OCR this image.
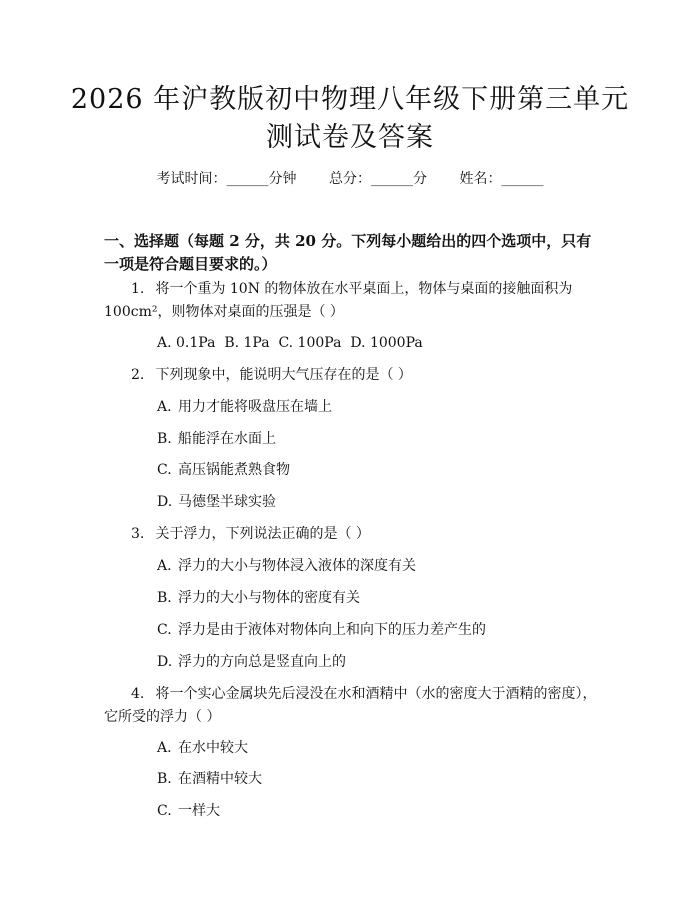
2026 年沪教版初中物理八年级下册第三单元
测试卷及答案
考试时间：______分钟 总分：______分 姓名：______
一、选择题（每题 2 分，共 20 分。下列每小题给出的四个选项中，只有一项是符合题目要求的。）
1. 将一个重为 10N 的物体放在水平桌面上，物体与桌面的接触面积为
100cm²，则物体对桌面的压强是（ ）
A. 0.1Pa  B. 1Pa  C. 100Pa  D. 1000Pa
2. 下列现象中，能说明大气压存在的是（ ）
A. 用力才能将吸盘压在墙上
B. 船能浮在水面上
C. 高压锅能煮熟食物
D. 马德堡半球实验
3. 关于浮力，下列说法正确的是（ ）
A. 浮力的大小与物体浸入液体的深度有关
B. 浮力的大小与物体的密度有关
C. 浮力是由于液体对物体向上和向下的压力差产生的
D. 浮力的方向总是竖直向上的
4. 将一个实心金属块先后浸没在水和酒精中（水的密度大于酒精的密度），
它所受的浮力（ ）
A. 在水中较大
B. 在酒精中较大
C. 一样大
